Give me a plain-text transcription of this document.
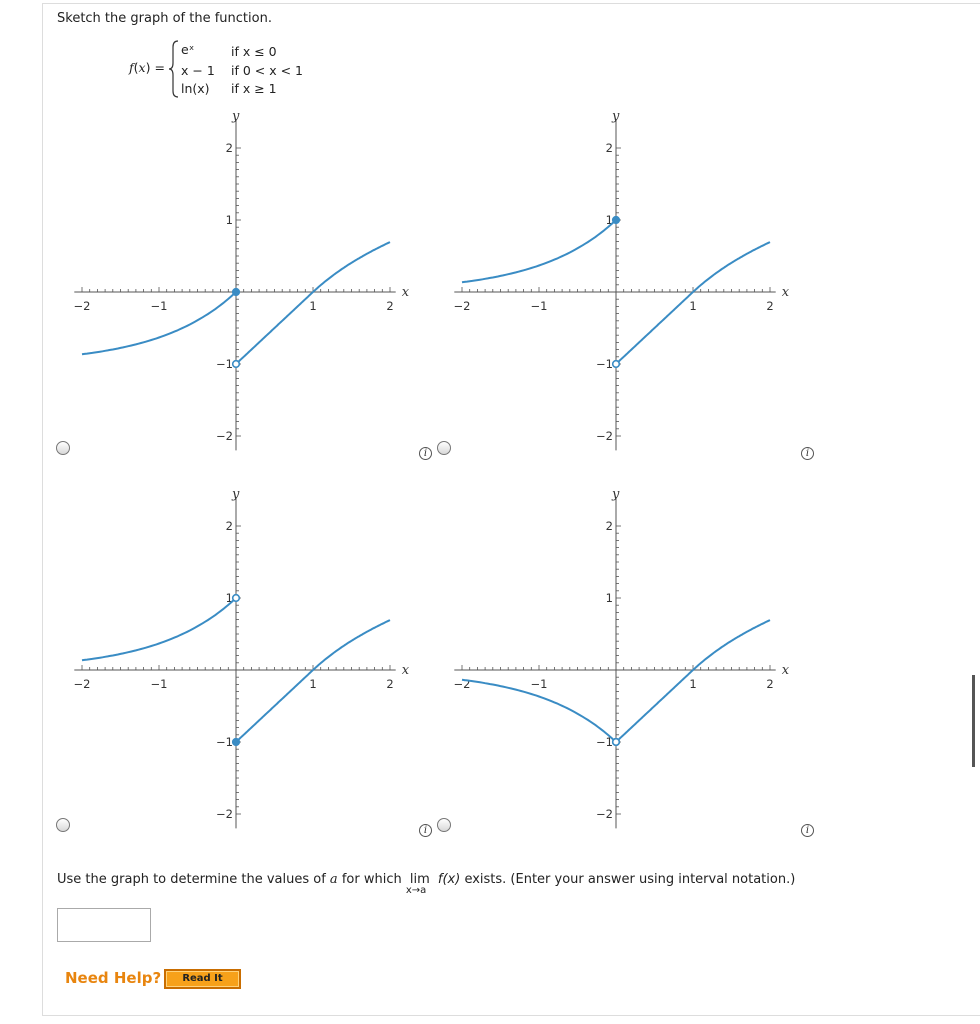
Sketch the graph of the function.
f(x) =
eˣ	if x ≤ 0
x − 1 if 0 < x < 1
ln(x) if x ≥ 1
−2	−1	1	2
−2
−1
1
2
x
y
−2	−1	1	2
−2
−1
1
2
x
y
−2	−1	1	2
−2
−1
1
2
x
y
−2	−1	1	2
−2
−1
1
2
x
y
i	i
i	i
Use the graph to determine the values of a for which lim
x→a
f(x) exists. (Enter your answer using interval notation.)
Need Help?	Read It
